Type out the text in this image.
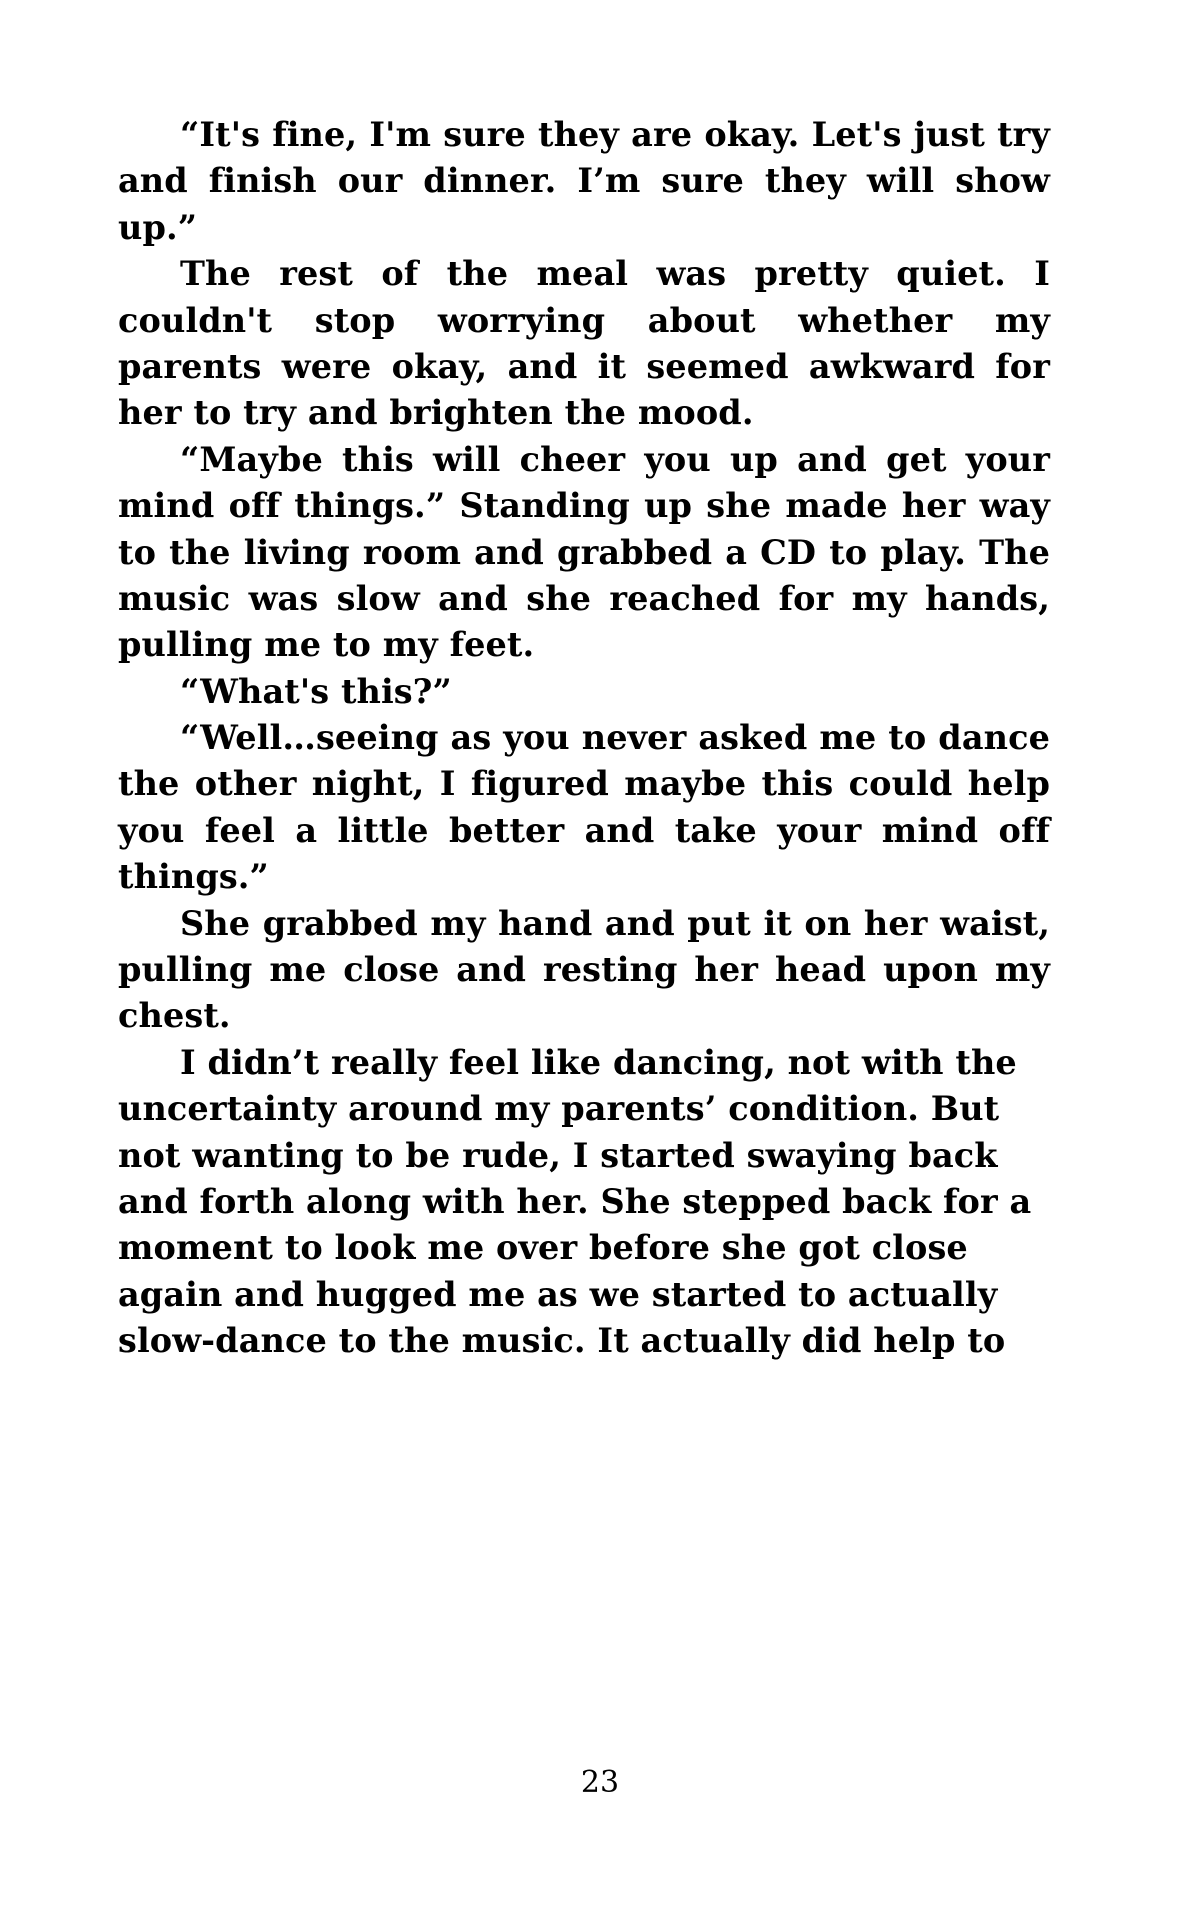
“It's fine, I'm sure they are okay. Let's just try and finish our dinner. I’m sure they will show up.”

The rest of the meal was pretty quiet. I couldn't stop worrying about whether my parents were okay, and it seemed awkward for her to try and brighten the mood.

“Maybe this will cheer you up and get your mind off things.” Standing up she made her way to the living room and grabbed a CD to play. The music was slow and she reached for my hands, pulling me to my feet.

“What's this?”

“Well…seeing as you never asked me to dance the other night, I figured maybe this could help you feel a little better and take your mind off things.”

She grabbed my hand and put it on her waist, pulling me close and resting her head upon my chest.

I didn’t really feel like dancing, not with the uncertainty around my parents’ condition. But not wanting to be rude, I started swaying back and forth along with her. She stepped back for a moment to look me over before she got close again and hugged me as we started to actually slow-dance to the music. It actually did help to

23
